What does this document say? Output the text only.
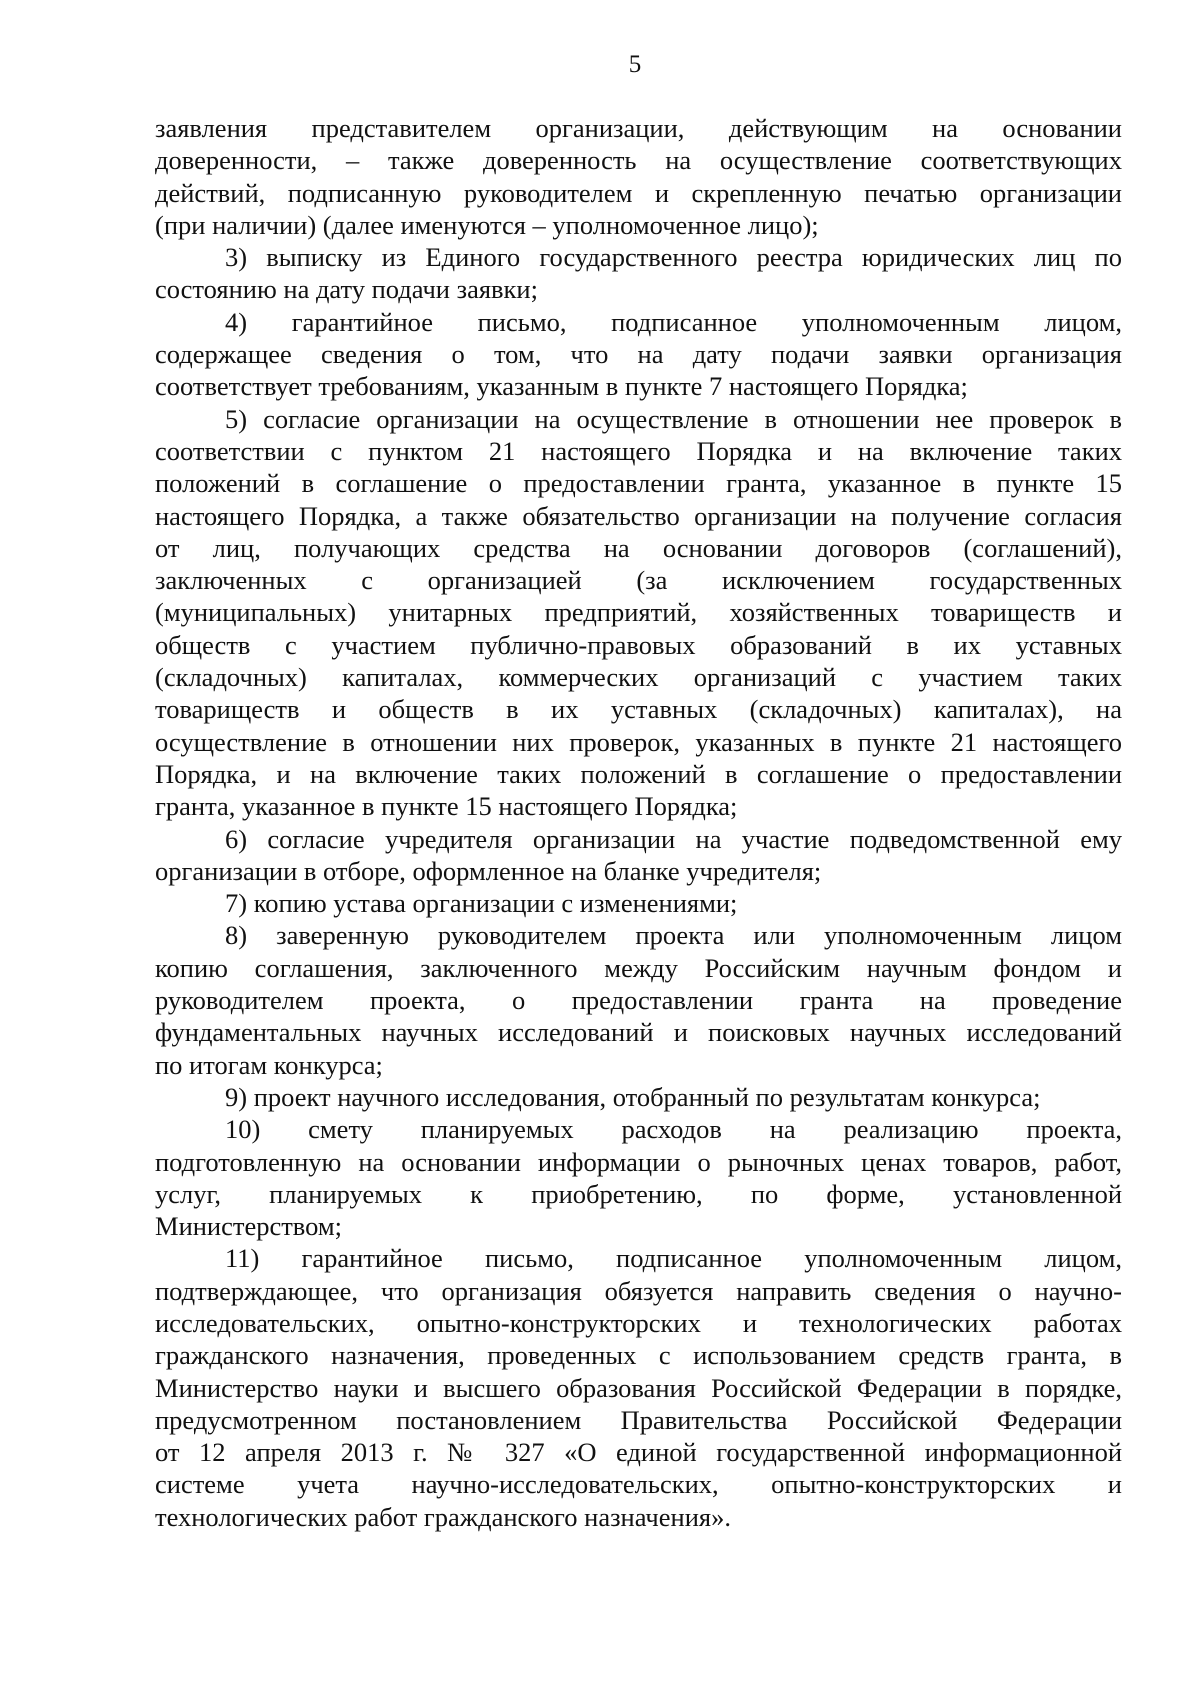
5
заявления представителем организации, действующим на основании
доверенности, – также доверенность на осуществление соответствующих
действий, подписанную руководителем и скрепленную печатью организации
(при наличии) (далее именуются – уполномоченное лицо);
3) выписку из Единого государственного реестра юридических лиц по
состоянию на дату подачи заявки;
4) гарантийное письмо, подписанное уполномоченным лицом,
содержащее сведения о том, что на дату подачи заявки организация
соответствует требованиям, указанным в пункте 7 настоящего Порядка;
5) согласие организации на осуществление в отношении нее проверок в
соответствии с пунктом 21 настоящего Порядка и на включение таких
положений в соглашение о предоставлении гранта, указанное в пункте 15
настоящего Порядка, а также обязательство организации на получение согласия
от лиц, получающих средства на основании договоров (соглашений),
заключенных с организацией (за исключением государственных
(муниципальных) унитарных предприятий, хозяйственных товариществ и
обществ с участием публично-правовых образований в их уставных
(складочных) капиталах, коммерческих организаций с участием таких
товариществ и обществ в их уставных (складочных) капиталах), на
осуществление в отношении них проверок, указанных в пункте 21 настоящего
Порядка, и на включение таких положений в соглашение о предоставлении
гранта, указанное в пункте 15 настоящего Порядка;
6) согласие учредителя организации на участие подведомственной ему
организации в отборе, оформленное на бланке учредителя;
7) копию устава организации с изменениями;
8) заверенную руководителем проекта или уполномоченным лицом
копию соглашения, заключенного между Российским научным фондом и
руководителем проекта, о предоставлении гранта на проведение
фундаментальных научных исследований и поисковых научных исследований
по итогам конкурса;
9) проект научного исследования, отобранный по результатам конкурса;
10) смету планируемых расходов на реализацию проекта,
подготовленную на основании информации о рыночных ценах товаров, работ,
услуг, планируемых к приобретению, по форме, установленной
Министерством;
11) гарантийное письмо, подписанное уполномоченным лицом,
подтверждающее, что организация обязуется направить сведения о научно-
исследовательских, опытно-конструкторских и технологических работах
гражданского назначения, проведенных с использованием средств гранта, в
Министерство науки и высшего образования Российской Федерации в порядке,
предусмотренном постановлением Правительства Российской Федерации
от 12 апреля 2013 г. № 327 «О единой государственной информационной
системе учета научно-исследовательских, опытно-конструкторских и
технологических работ гражданского назначения».
